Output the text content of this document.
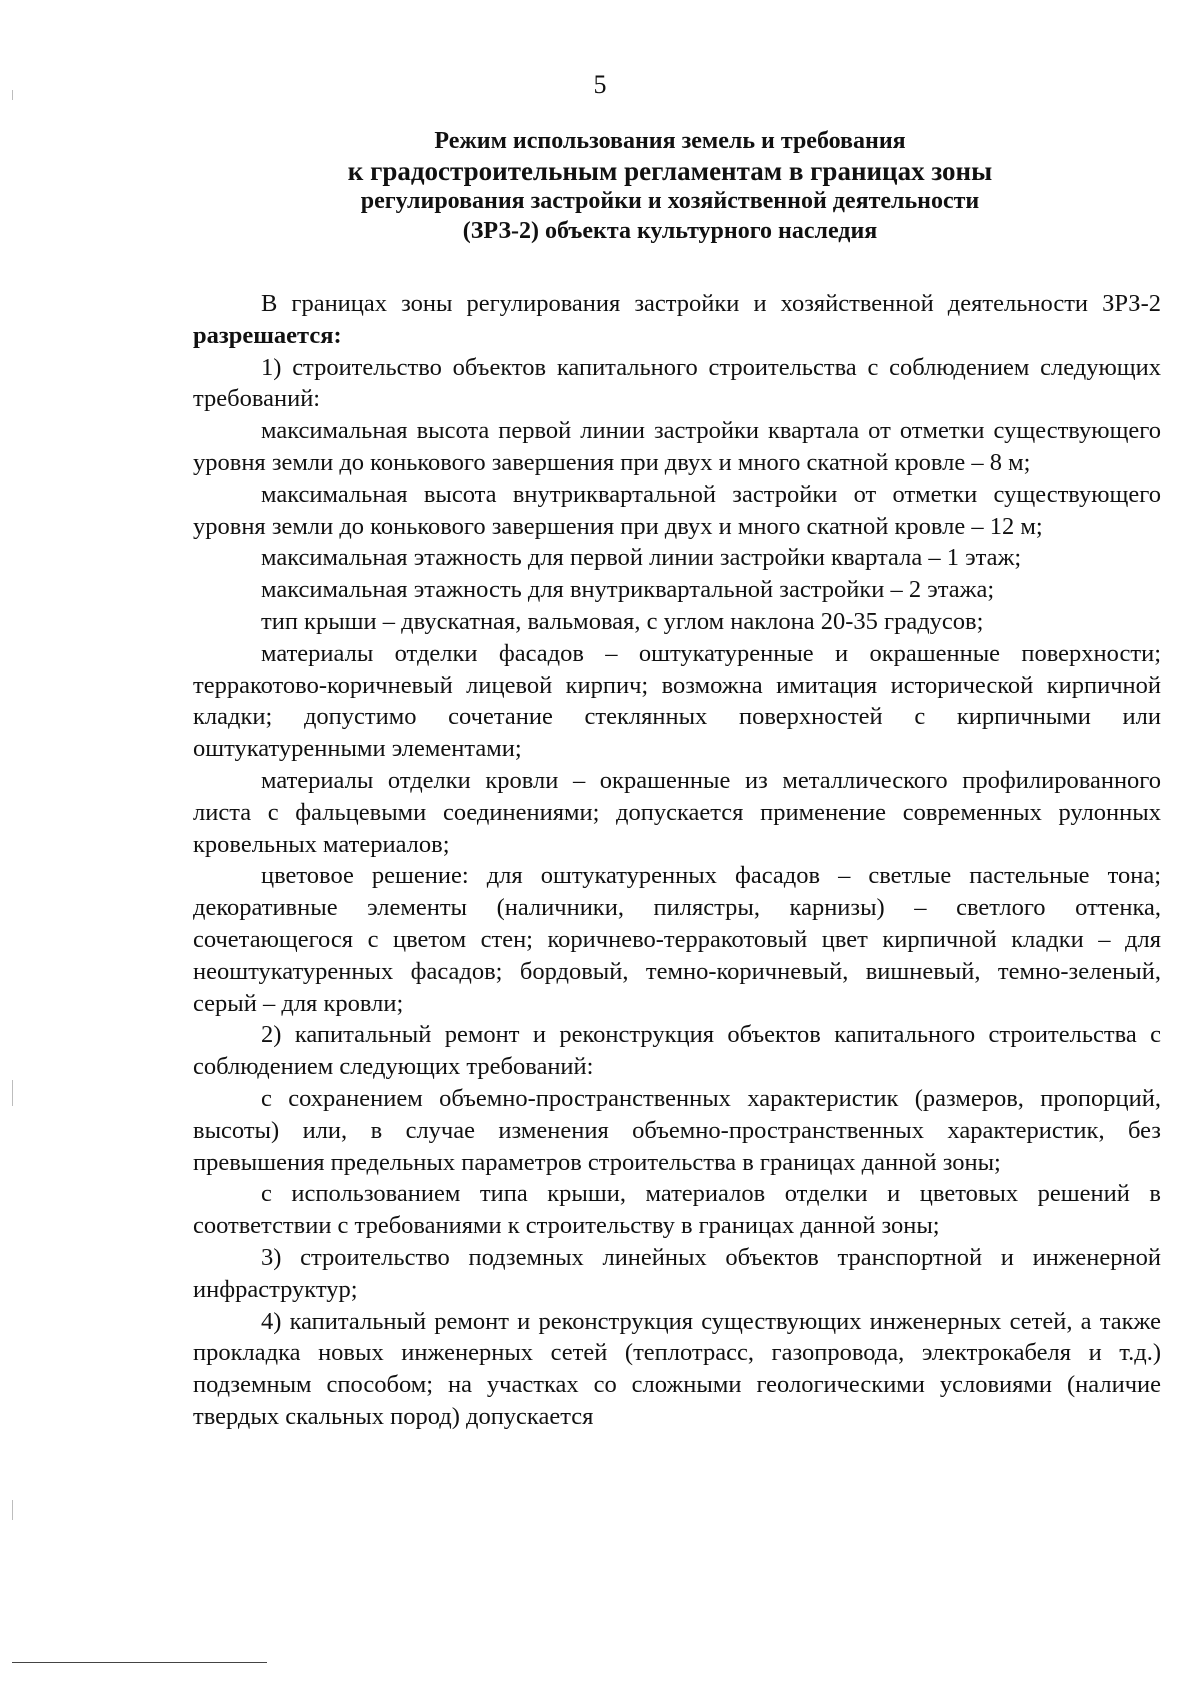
5
Режим использования земель и требования
к градостроительным регламентам в границах зоны
регулирования застройки и хозяйственной деятельности
(ЗРЗ-2) объекта культурного наследия

В границах зоны регулирования застройки и хозяйственной деятельности ЗРЗ-2 разрешается:

1) строительство объектов капитального строительства с соблюдением следующих требований:

максимальная высота первой линии застройки квартала от отметки существующего уровня земли до конькового завершения при двух и много скатной кровле – 8 м;

максимальная высота внутриквартальной застройки от отметки существующего уровня земли до конькового завершения при двух и много скатной кровле – 12 м;

максимальная этажность для первой линии застройки квартала – 1 этаж;

максимальная этажность для внутриквартальной застройки – 2 этажа;

тип крыши – двускатная, вальмовая, с углом наклона 20-35 градусов;

материалы отделки фасадов – оштукатуренные и окрашенные поверхности; терракотово-коричневый лицевой кирпич; возможна имитация исторической кирпичной кладки; допустимо сочетание стеклянных поверхностей с кирпичными или оштукатуренными элементами;

материалы отделки кровли – окрашенные из металлического профилированного листа с фальцевыми соединениями; допускается применение современных рулонных кровельных материалов;

цветовое решение: для оштукатуренных фасадов – светлые пастельные тона; декоративные элементы (наличники, пилястры, карнизы) – светлого оттенка, сочетающегося с цветом стен; коричнево-терракотовый цвет кирпичной кладки – для неоштукатуренных фасадов; бордовый, темно-коричневый, вишневый, темно-зеленый, серый – для кровли;

2) капитальный ремонт и реконструкция объектов капитального строительства с соблюдением следующих требований:

с сохранением объемно-пространственных характеристик (размеров, пропорций, высоты) или, в случае изменения объемно-пространственных характеристик, без превышения предельных параметров строительства в границах данной зоны;

с использованием типа крыши, материалов отделки и цветовых решений в соответствии с требованиями к строительству в границах данной зоны;

3) строительство подземных линейных объектов транспортной и инженерной инфраструктур;

4) капитальный ремонт и реконструкция существующих инженерных сетей, а также прокладка новых инженерных сетей (теплотрасс, газопровода, электрокабеля и т.д.) подземным способом; на участках со сложными геологическими условиями (наличие твердых скальных пород) допускается
